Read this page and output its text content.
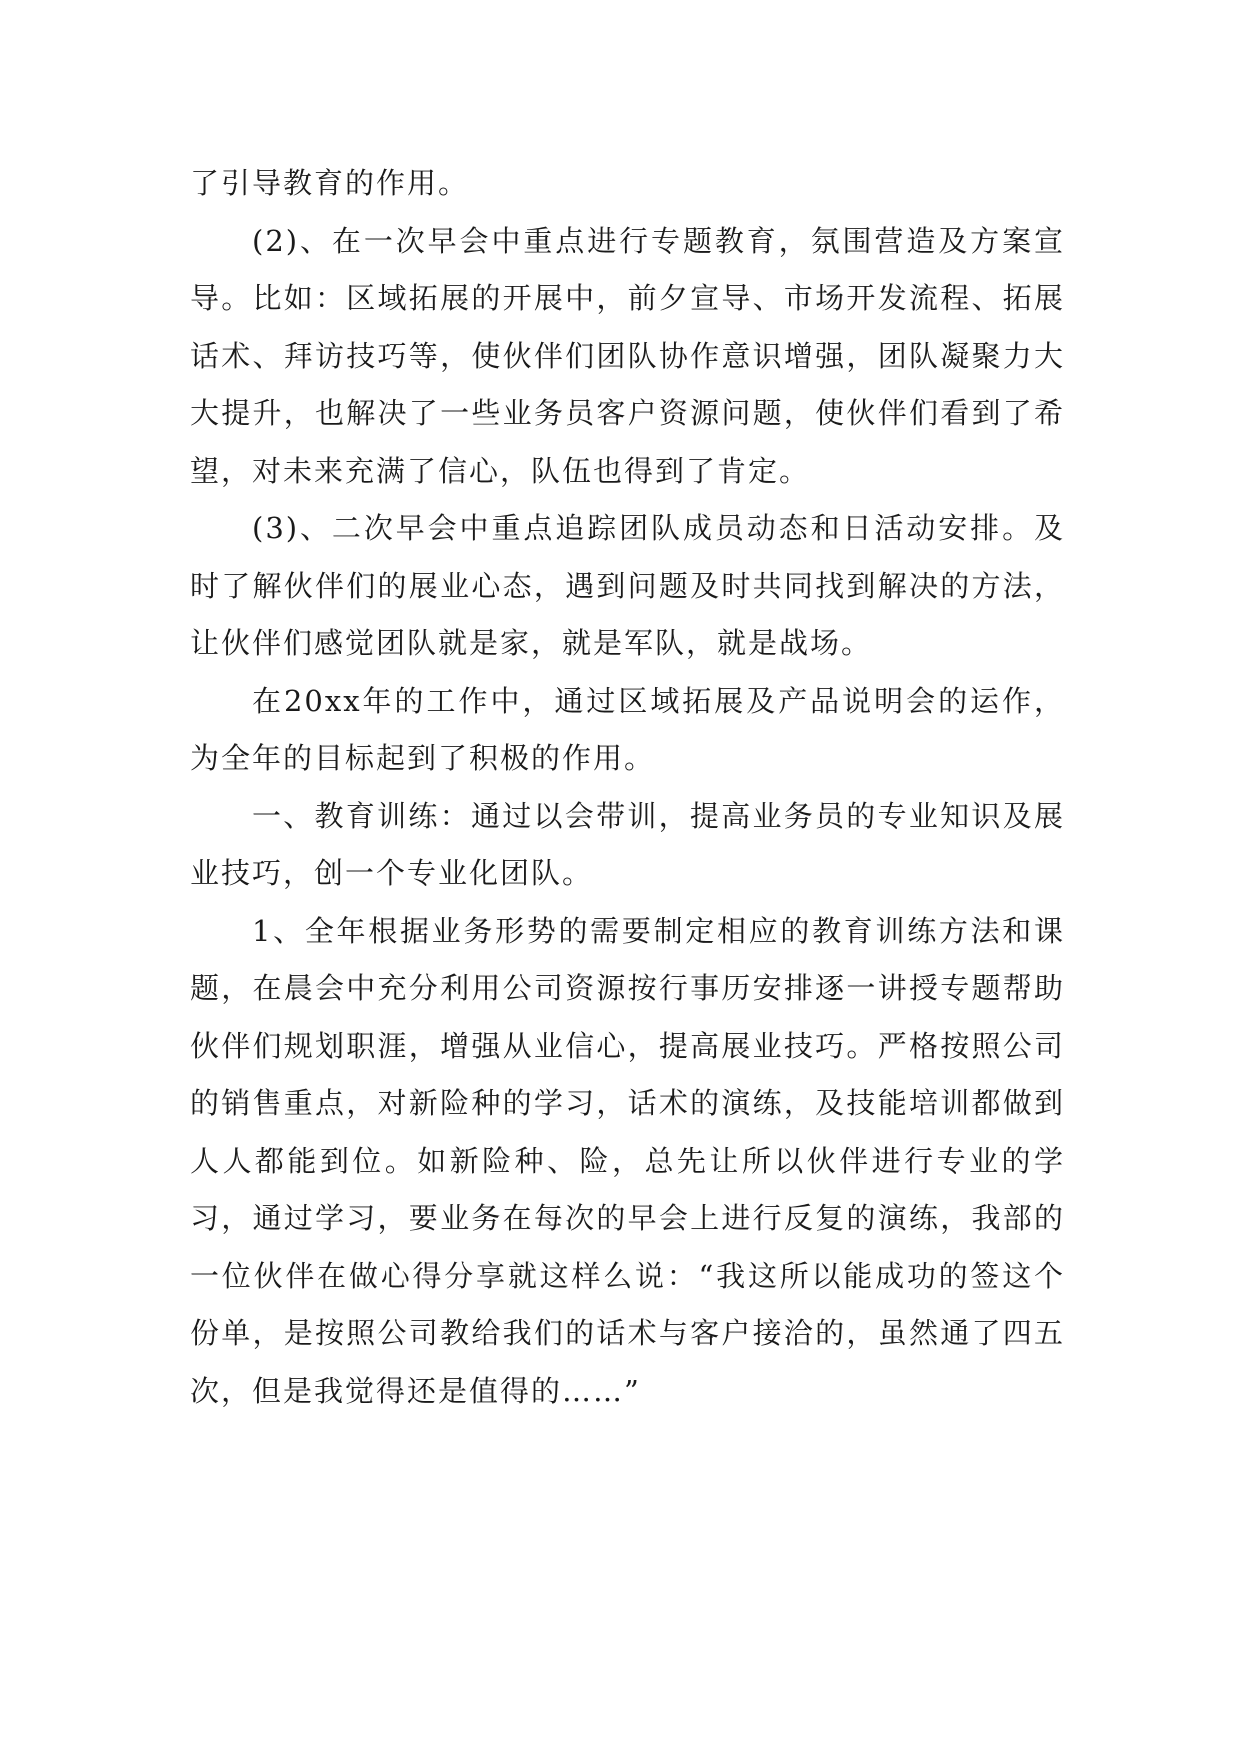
了引导教育的作用。

(2)、在一次早会中重点进行专题教育，氛围营造及方案宣导。比如：区域拓展的开展中，前夕宣导、市场开发流程、拓展话术、拜访技巧等，使伙伴们团队协作意识增强，团队凝聚力大大提升，也解决了一些业务员客户资源问题，使伙伴们看到了希望，对未来充满了信心，队伍也得到了肯定。

(3)、二次早会中重点追踪团队成员动态和日活动安排。及时了解伙伴们的展业心态，遇到问题及时共同找到解决的方法，让伙伴们感觉团队就是家，就是军队，就是战场。

在20xx年的工作中，通过区域拓展及产品说明会的运作，为全年的目标起到了积极的作用。

一、教育训练：通过以会带训，提高业务员的专业知识及展业技巧，创一个专业化团队。

1、全年根据业务形势的需要制定相应的教育训练方法和课题，在晨会中充分利用公司资源按行事历安排逐一讲授专题帮助伙伴们规划职涯，增强从业信心，提高展业技巧。严格按照公司的销售重点，对新险种的学习，话术的演练，及技能培训都做到人人都能到位。如新险种、险，总先让所以伙伴进行专业的学习，通过学习，要业务在每次的早会上进行反复的演练，我部的一位伙伴在做心得分享就这样么说：“我这所以能成功的签这个份单，是按照公司教给我们的话术与客户接洽的，虽然通了四五次，但是我觉得还是值得的……”
